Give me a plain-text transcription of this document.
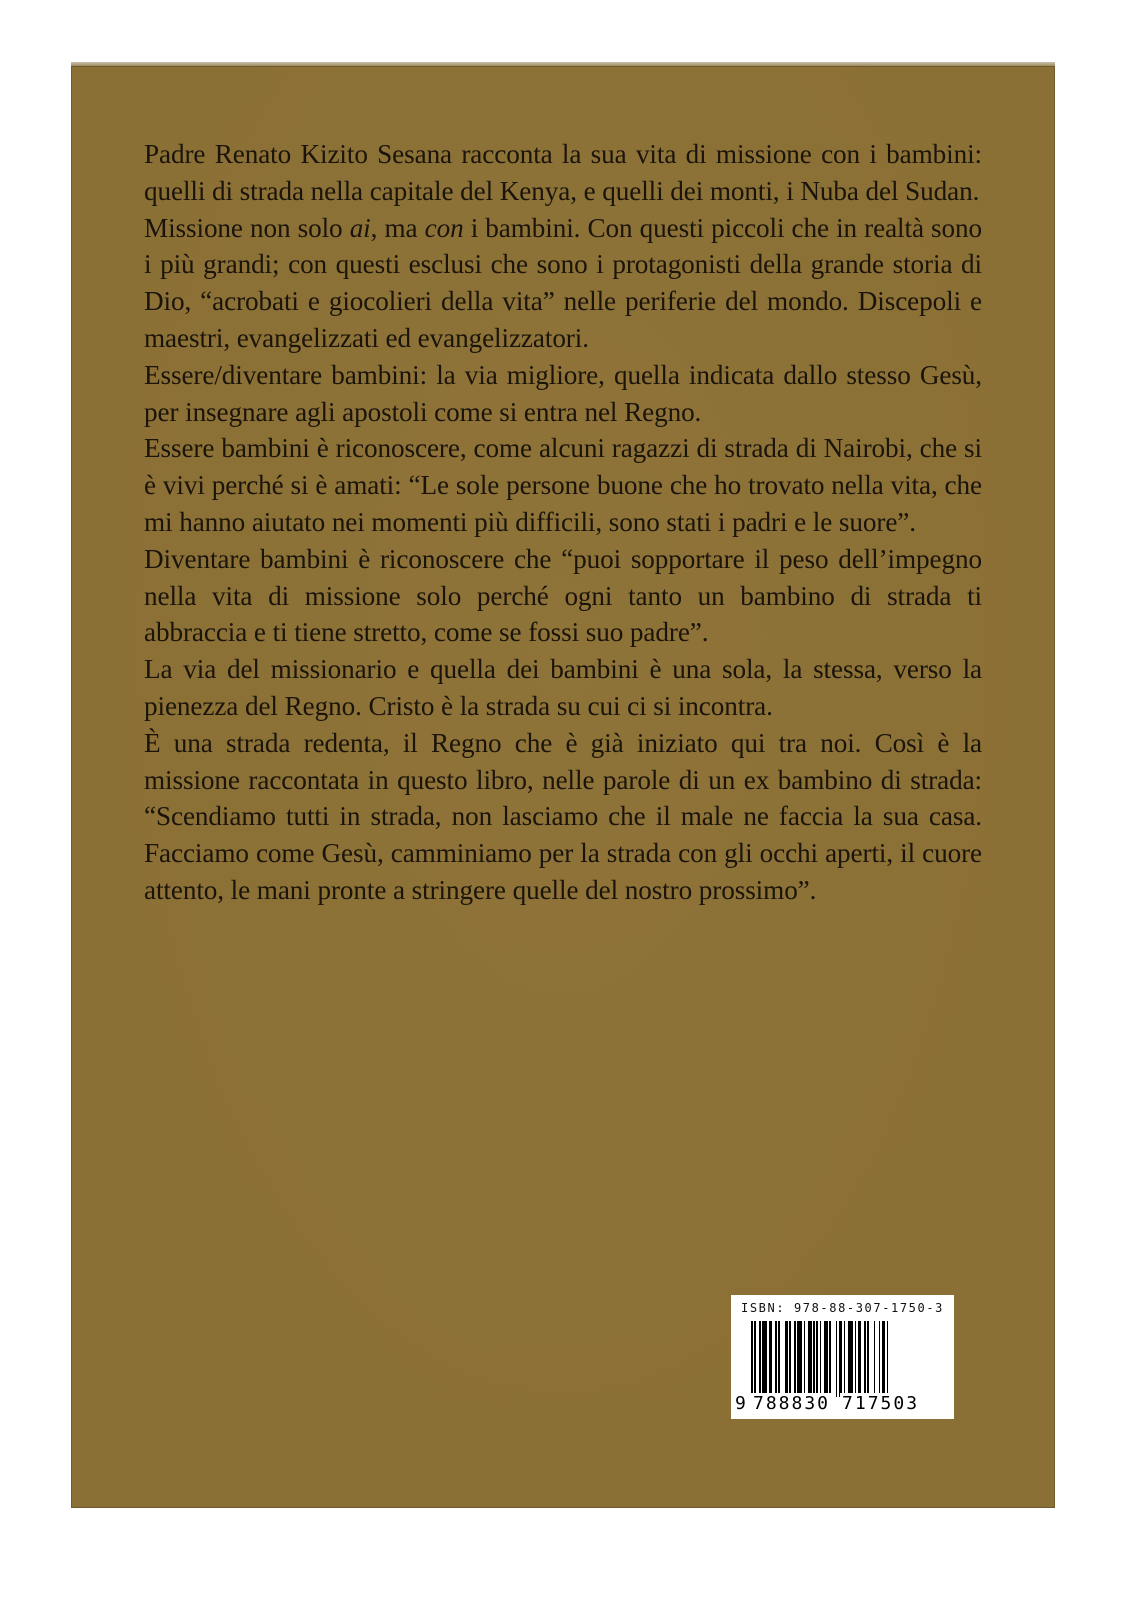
Padre Renato Kizito Sesana racconta la sua vita di missione con i bambini: quelli di strada nella capitale del Kenya, e quelli dei monti, i Nuba del Sudan.

Missione non solo ai, ma con i bambini. Con questi piccoli che in realtà sono i più grandi; con questi esclusi che sono i protagonisti della grande storia di Dio, “acrobati e giocolieri della vita” nelle periferie del mondo. Discepoli e maestri, evangelizzati ed evangelizzatori.

Essere/diventare bambini: la via migliore, quella indicata dallo stesso Gesù, per insegnare agli apostoli come si entra nel Regno.

Essere bambini è riconoscere, come alcuni ragazzi di strada di Nairobi, che si è vivi perché si è amati: “Le sole persone buone che ho trovato nella vita, che mi hanno aiutato nei momenti più difficili, sono stati i padri e le suore”.

Diventare bambini è riconoscere che “puoi sopportare il peso dell’impegno nella vita di missione solo perché ogni tanto un bambino di strada ti abbraccia e ti tiene stretto, come se fossi suo padre”.

La via del missionario e quella dei bambini è una sola, la stessa, verso la pienezza del Regno. Cristo è la strada su cui ci si incontra.

È una strada redenta, il Regno che è già iniziato qui tra noi. Così è la missione raccontata in questo libro, nelle parole di un ex bambino di strada: “Scendiamo tutti in strada, non lasciamo che il male ne faccia la sua casa. Facciamo come Gesù, camminiamo per la strada con gli occhi aperti, il cuore attento, le mani pronte a stringere quelle del nostro prossimo”.

ISBN: 978-88-307-1750-3
9 788830 717503
